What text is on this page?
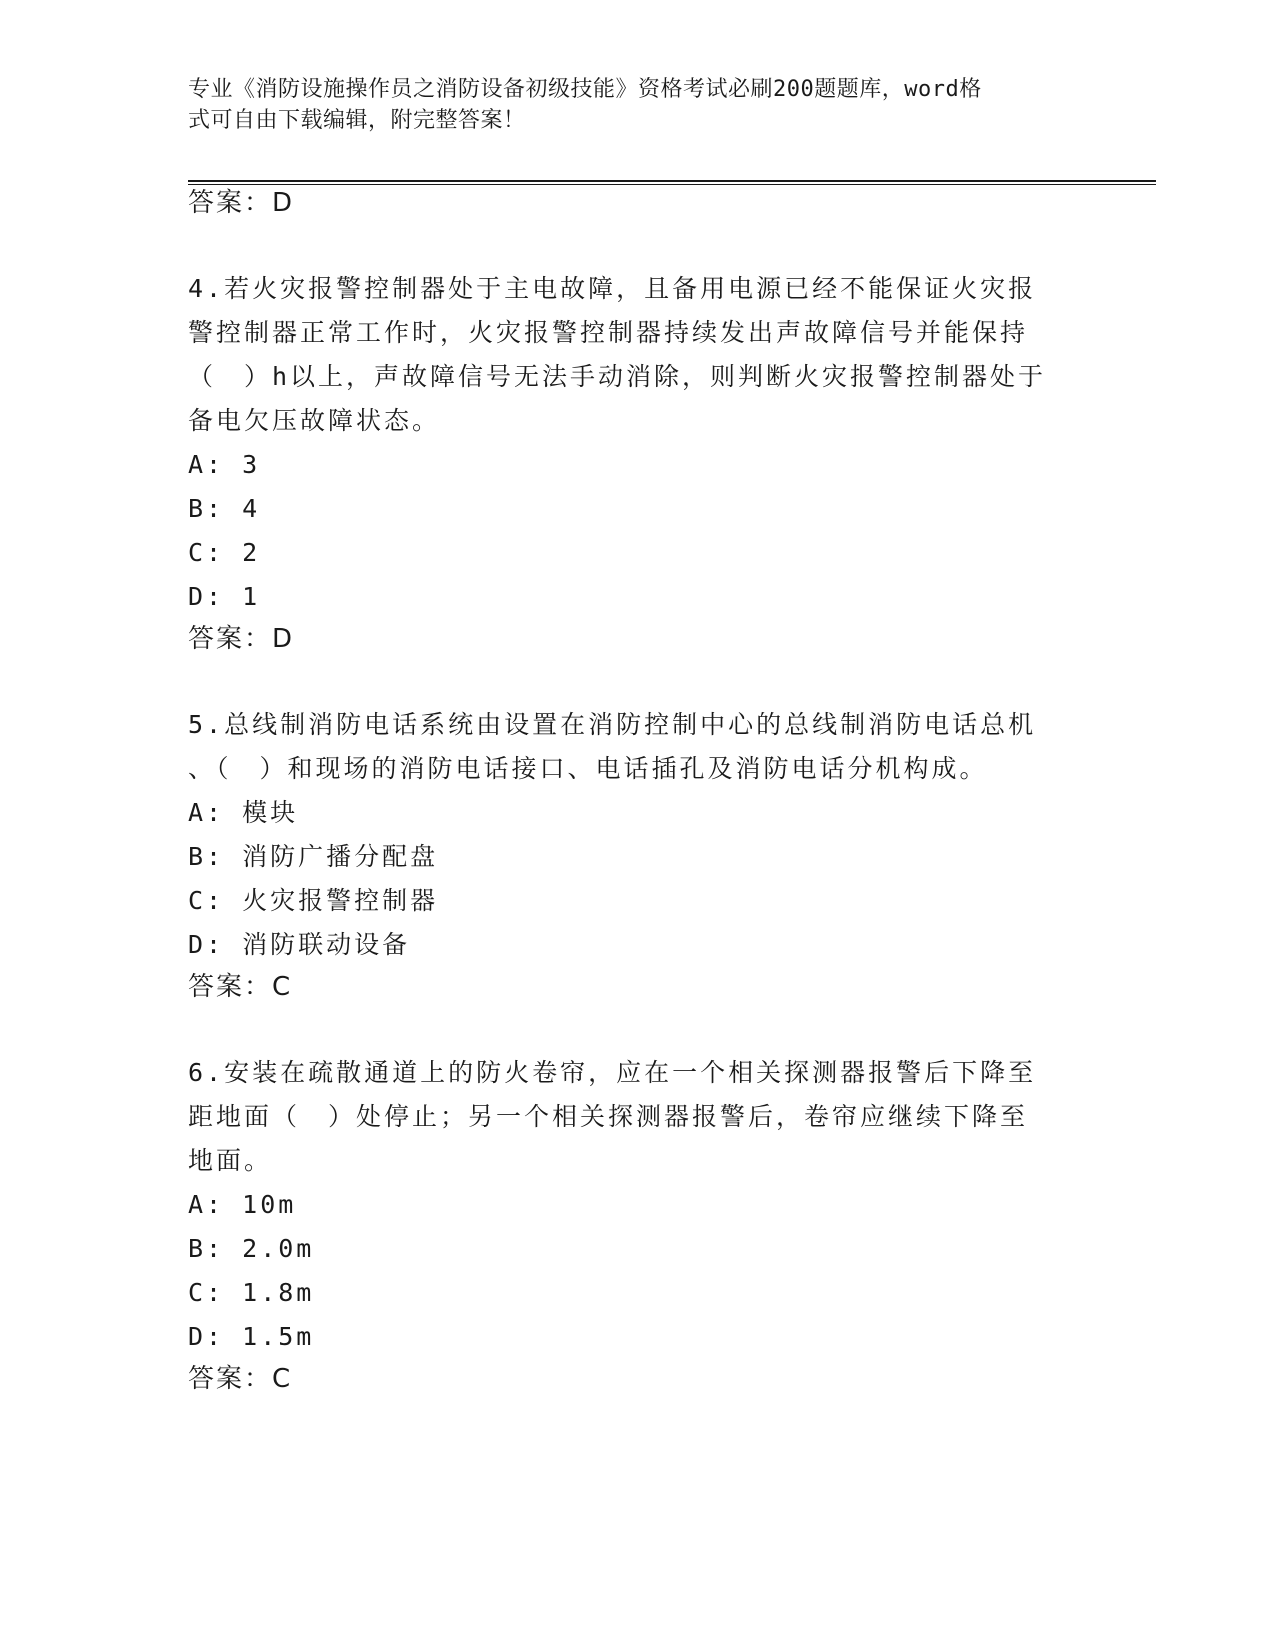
专业《消防设施操作员之消防设备初级技能》资格考试必刷200题题库，word格
式可自由下载编辑，附完整答案！
答案：D
4.若火灾报警控制器处于主电故障，且备用电源已经不能保证火灾报
警控制器正常工作时，火灾报警控制器持续发出声故障信号并能保持
（　）h以上，声故障信号无法手动消除，则判断火灾报警控制器处于
备电欠压故障状态。
A: 3
B: 4
C: 2
D: 1
答案：D
5.总线制消防电话系统由设置在消防控制中心的总线制消防电话总机
、（　）和现场的消防电话接口、电话插孔及消防电话分机构成。
A: 模块
B: 消防广播分配盘
C: 火灾报警控制器
D: 消防联动设备
答案：C
6.安装在疏散通道上的防火卷帘，应在一个相关探测器报警后下降至
距地面（　）处停止；另一个相关探测器报警后，卷帘应继续下降至
地面。
A: 10m
B: 2.0m
C: 1.8m
D: 1.5m
答案：C
